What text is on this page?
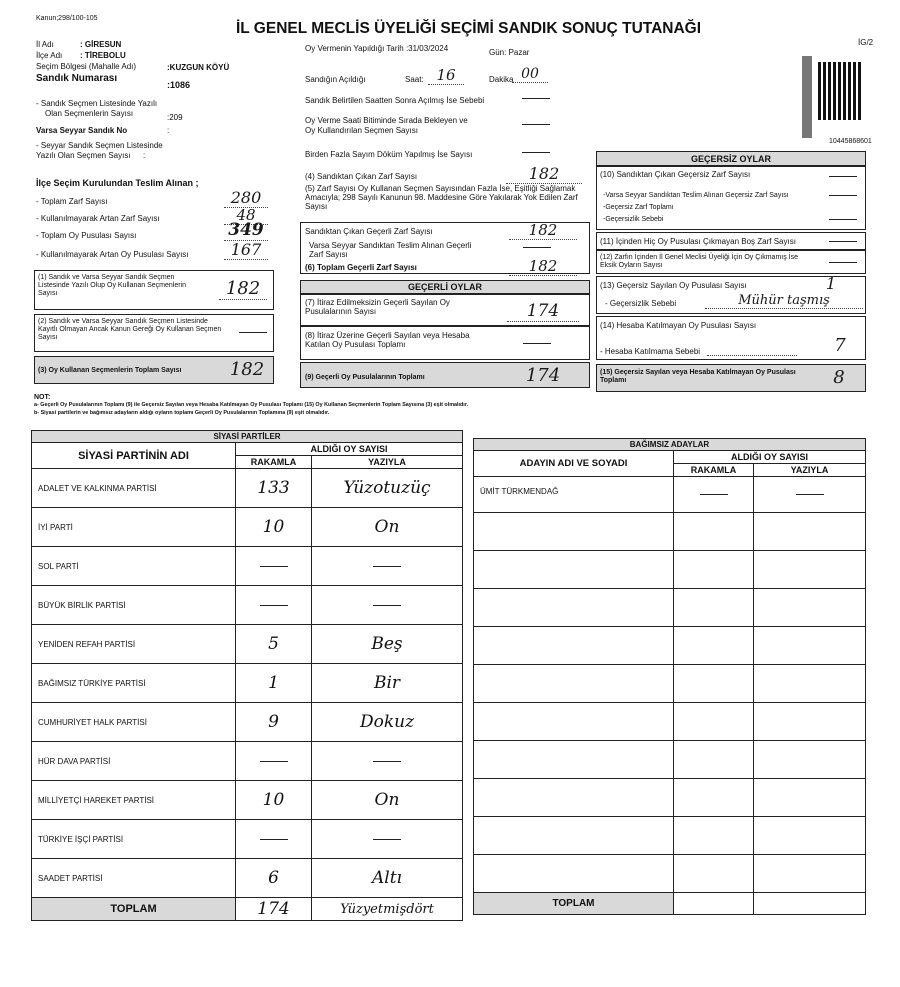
Kanun;298/100-105
İL GENEL MECLİS ÜYELİĞİ SEÇİMİ SANDIK SONUÇ TUTANAĞI
İG/2
10445868601
İl Adı	: GİRESUN
İlçe Adı : TİREBOLU
Seçim Bölgesi (Mahalle Adı)	:KUZGUN KÖYÜ
Sandık Numarası
:1086
- Sandık Seçmen Listesinde Yazılı
Olan Seçmenlerin Sayısı	:209
Varsa Seyyar Sandık No	:
- Seyyar Sandık Seçmen Listesinde
Yazılı Olan Seçmen Sayısı :
İlçe Seçim Kurulundan Teslim Alınan ;
- Toplam Zarf Sayısı	280
- Kullanılmayarak Artan Zarf Sayısı	48
- Toplam Oy Pusulası Sayısı	349
- Kullanılmayarak Artan Oy Pusulası Sayısı	167
(1) Sandık ve Varsa Seyyar Sandık Seçmen Listesinde Yazılı Olup Oy Kullanan Seçmenlerin Sayısı	182
(2) Sandık ve Varsa Seyyar Sandık Seçmen Listesinde Kayıtlı Olmayan Ancak Kanun Gereği Oy Kullanan Seçmen Sayısı
(3) Oy Kullanan Seçmenlerin Toplam Sayısı	182
Oy Vermenin Yapıldığı Tarih :31/03/2024	Gün: Pazar
Sandığın Açıldığı	Saat: 16	Dakika 00
Sandık Belirtilen Saatten Sonra Açılmış İse Sebebi
Oy Verme Saati Bitiminde Sırada Bekleyen ve
Oy Kullandırılan Seçmen Sayısı
Birden Fazla Sayım Döküm Yapılmış İse Sayısı
(4) Sandıktan Çıkan Zarf Sayısı	182
(5) Zarf Sayısı Oy Kullanan Seçmen Sayısından Fazla İse, Eşitliği Sağlamak Amacıyla; 298 Sayılı Kanunun 98. Maddesine Göre Yakılarak Yok Edilen Zarf Sayısı
Sandıktan Çıkan Geçerli Zarf Sayısı	182
Varsa Seyyar Sandıktan Teslim Alınan Geçerli Zarf Sayısı
(6) Toplam Geçerli Zarf Sayısı	182
GEÇERLİ OYLAR
(7) İtiraz Edilmeksizin Geçerli Sayılan Oy Pusulalarının Sayısı	174
(8) İtiraz Üzerine Geçerli Sayılan veya Hesaba Katılan Oy Pusulası Toplamı
(9) Geçerli Oy Pusulalarının Toplamı	174
GEÇERSİZ OYLAR
(10) Sandıktan Çıkan Geçersiz Zarf Sayısı
-Varsa Seyyar Sandıktan Teslim Alınan Geçersiz Zarf Sayısı
-Geçersiz Zarf Toplamı
-Geçersizlik Sebebi
(11) İçinden Hiç Oy Pusulası Çıkmayan Boş Zarf Sayısı
(12) Zarfın İçinden İl Genel Meclisi Üyeliği İçin Oy Çıkmamış İse Eksik Oyların Sayısı
(13) Geçersiz Sayılan Oy Pusulası Sayısı	1
- Geçersizlik Sebebi	Mühür taşmış
(14) Hesaba Katılmayan Oy Pusulası Sayısı
- Hesaba Katılmama Sebebi	7
(15) Geçersiz Sayılan veya Hesaba Katılmayan Oy Pusulası Toplamı	8
NOT:
a- Geçerli Oy Pusulalarının Toplamı (9) ile Geçersiz Sayılan veya Hesaba Katılmayan Oy Pusulası Toplamı (15) Oy Kullanan Seçmenlerin Toplam Sayısına (3) eşit olmalıdır.
b- Siyasi partilerin ve bağımsız adayların aldığı oyların toplamı Geçerli Oy Pusulalarının Toplamına (9) eşit olmalıdır.
SİYASİ PARTİLER		
SİYASİ PARTİNİN ADI	ALDIĞI OY SAYISI	
	RAKAMLA	YAZIYLA
ADALET VE KALKINMA PARTİSİ	133	Yüzotuzüç
İYİ PARTİ	10	On
SOL PARTİ		
BÜYÜK BİRLİK PARTİSİ		
YENİDEN REFAH PARTİSİ	5	Beş
BAĞIMSIZ TÜRKİYE PARTİSİ	1	Bir
CUMHURİYET HALK PARTİSİ	9	Dokuz
HÜR DAVA PARTİSİ		
MİLLİYETÇİ HAREKET PARTİSİ	10	On
TÜRKİYE İŞÇİ PARTİSİ		
SAADET PARTİSİ	6	Altı
TOPLAM	174	Yüzyetmişdört
BAĞIMSIZ ADAYLAR		
ADAYIN ADI VE SOYADI	ALDIĞI OY SAYISI	
	RAKAMLA	YAZIYLA
ÜMİT TÜRKMENDAĞ		

TOPLAM		
